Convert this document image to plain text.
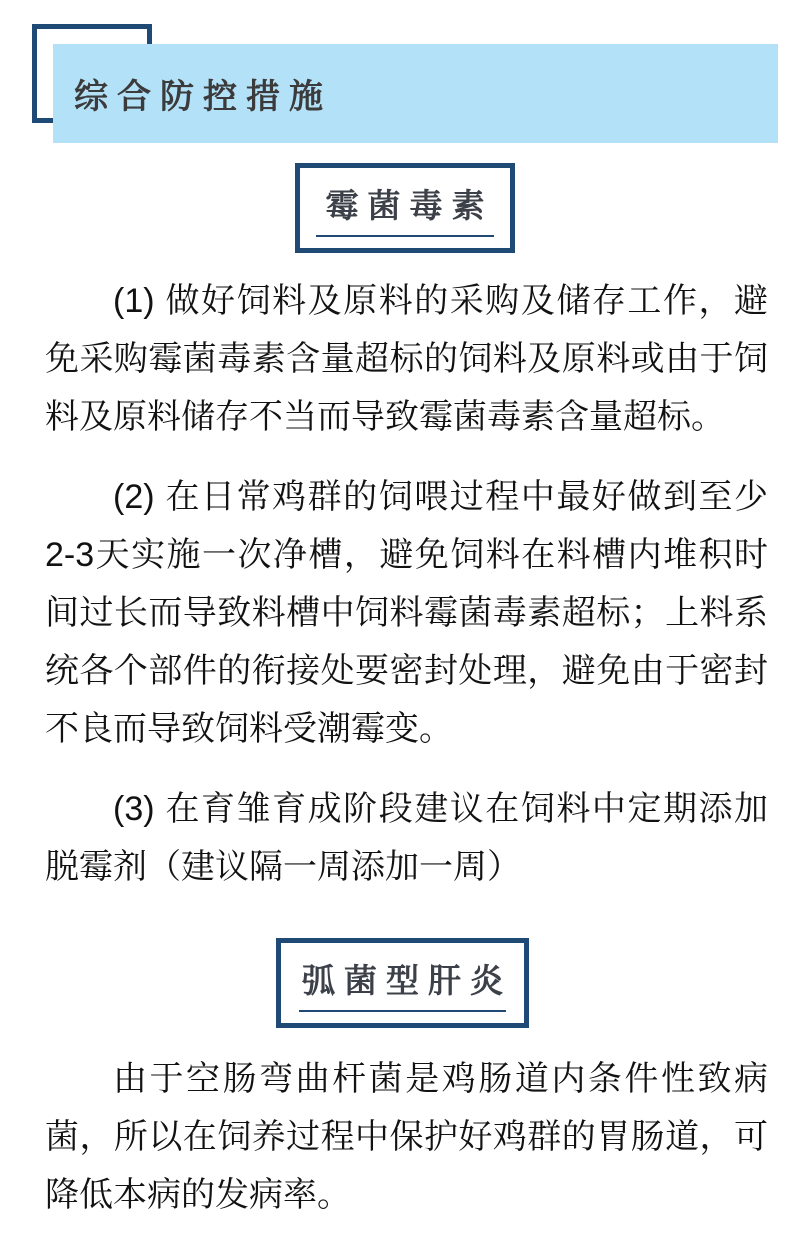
综合防控措施
霉菌毒素

(1) 做好饲料及原料的采购及储存工作，避免采购霉菌毒素含量超标的饲料及原料或由于饲料及原料储存不当而导致霉菌毒素含量超标。

(2) 在日常鸡群的饲喂过程中最好做到至少2-3天实施一次净槽，避免饲料在料槽内堆积时间过长而导致料槽中饲料霉菌毒素超标；上料系统各个部件的衔接处要密封处理，避免由于密封不良而导致饲料受潮霉变。

(3) 在育雏育成阶段建议在饲料中定期添加脱霉剂（建议隔一周添加一周）

弧菌型肝炎

由于空肠弯曲杆菌是鸡肠道内条件性致病菌，所以在饲养过程中保护好鸡群的胃肠道，可降低本病的发病率。
